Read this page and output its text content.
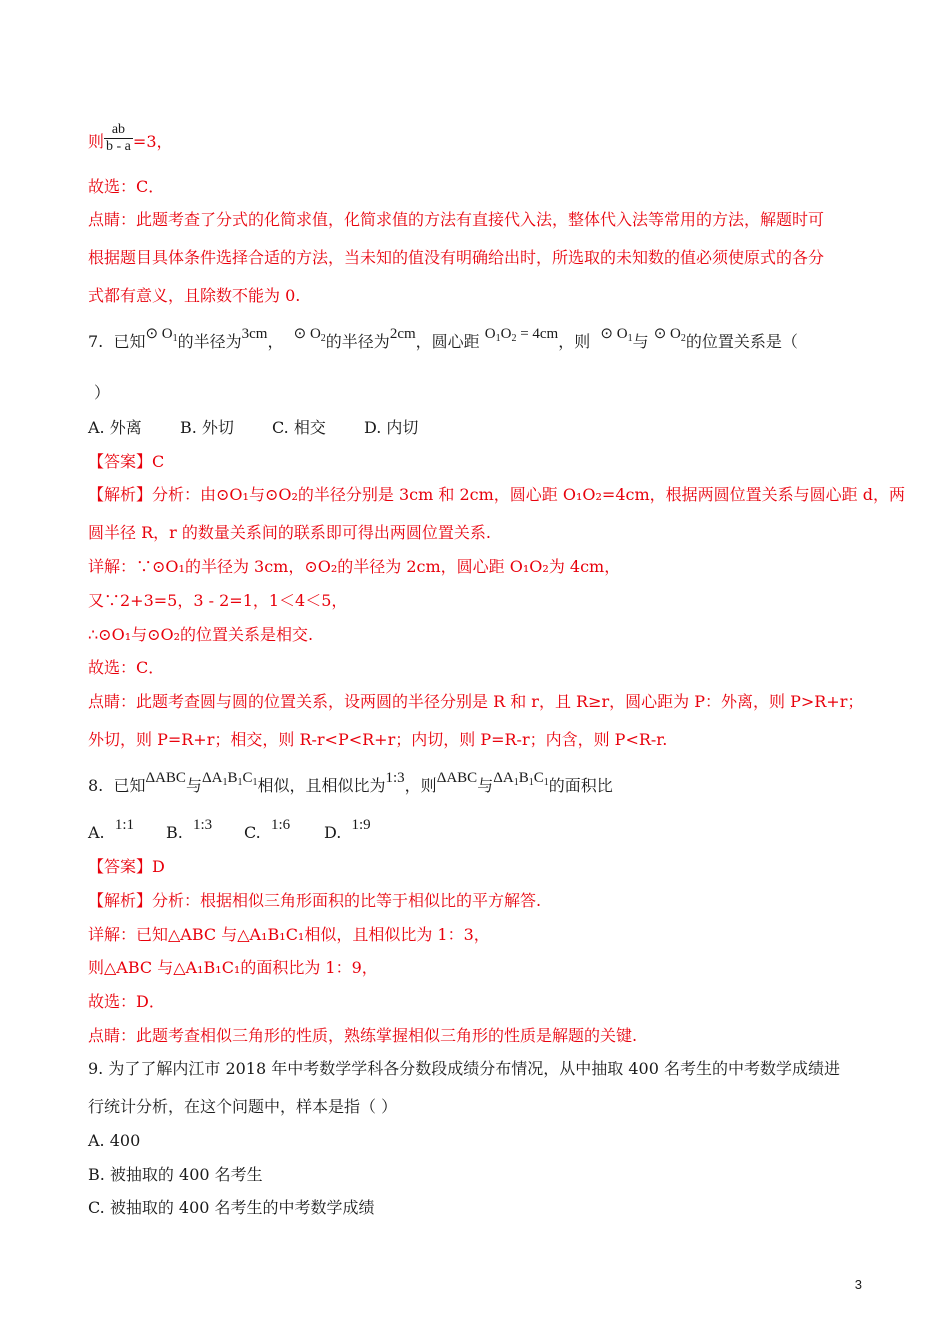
则 $\frac{ab}{b - a} =3$，
故选：C．
点睛：此题考查了分式的化简求值，化简求值的方法有直接代入法，整体代入法等常用的方法，解题时可
根据题目具体条件选择合适的方法，当未知的值没有明确给出时，所选取的未知数的值必须使原式的各分
式都有意义，且除数不能为 0.
7. 已知⊙ $O_1$的半径为3cm， ⊙ $O_2$的半径为2cm，圆心距 $O_1O_2 = 4cm$，则 ⊙ $O_1$与 ⊙ $O_2$的位置关系是（
）
A. 外离 B. 外切 C. 相交 D. 内切
【答案】C
【解析】分析：由⊙O₁与⊙O₂的半径分别是 3cm 和 2cm，圆心距 O₁O₂=4cm，根据两圆位置关系与圆心距 d，两
圆半径 R，r 的数量关系间的联系即可得出两圆位置关系.
详解：∵⊙O₁的半径为 3cm，⊙O₂的半径为 2cm，圆心距 O₁O₂为 4cm，
又∵2+3=5，3 - 2=1，1＜4＜5，
∴⊙O₁与⊙O₂的位置关系是相交.
故选：C．
点睛：此题考查圆与圆的位置关系，设两圆的半径分别是 R 和 r，且 R≥r，圆心距为 P：外离，则 P>R+r；
外切，则 P=R+r；相交，则 R-r<P<R+r；内切，则 P=R-r；内含，则 P<R-r.
8. 已知ΔABC与$\Delta A_1B_1C_1$相似，且相似比为1:3，则ΔABC与$\Delta A_1B_1C_1$的面积比
A. 1:1 B. 1:3 C. 1:6 D. 1:9
【答案】D
【解析】分析：根据相似三角形面积的比等于相似比的平方解答.
详解：已知△ABC 与△A₁B₁C₁相似，且相似比为 1：3，
则△ABC 与△A₁B₁C₁的面积比为 1：9，
故选：D．
点睛：此题考查相似三角形的性质，熟练掌握相似三角形的性质是解题的关键.
9. 为了了解内江市 2018 年中考数学学科各分数段成绩分布情况，从中抽取 400 名考生的中考数学成绩进
行统计分析，在这个问题中，样本是指（ ）
A. 400
B. 被抽取的 400 名考生
C. 被抽取的 400 名考生的中考数学成绩
3
